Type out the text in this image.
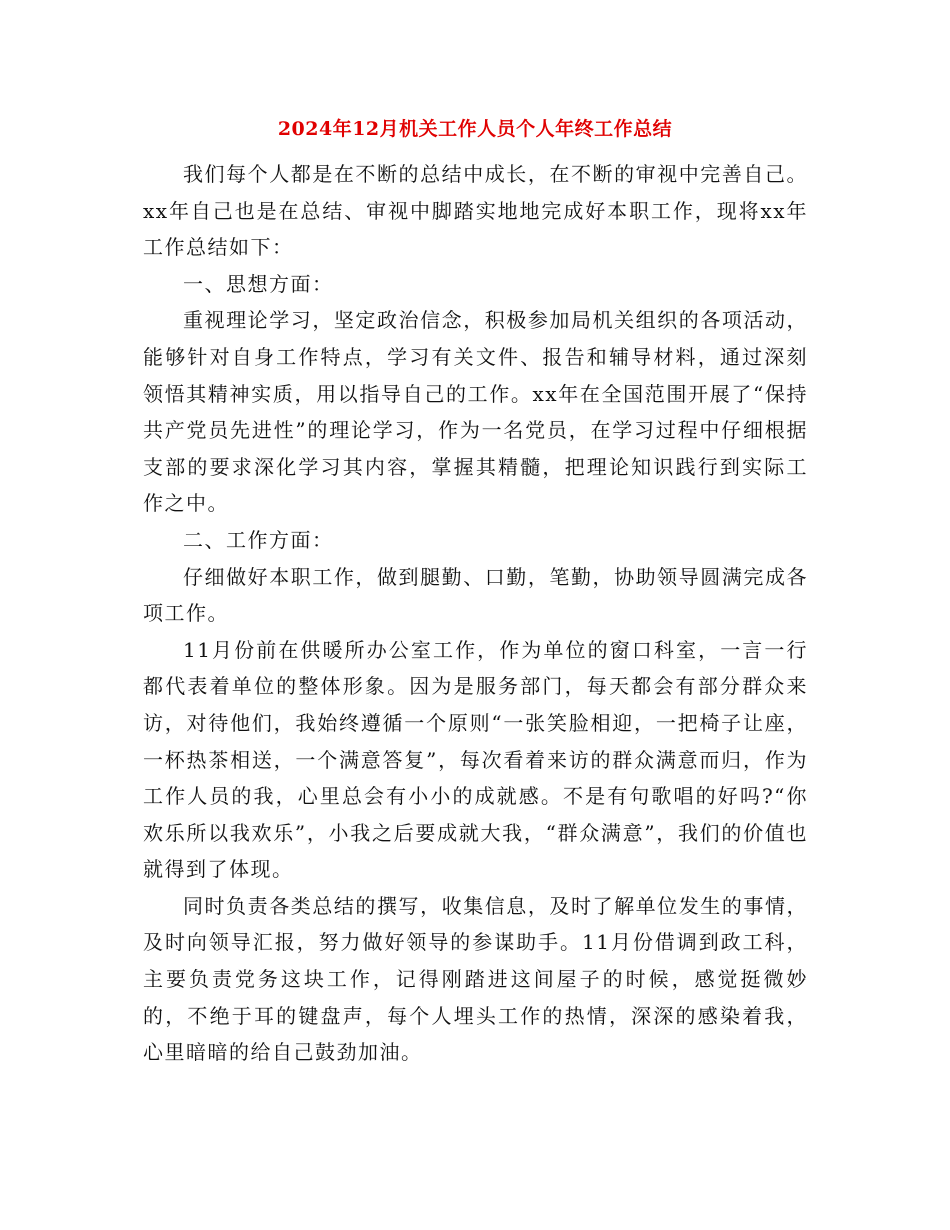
2024年12月机关工作人员个人年终工作总结

我们每个人都是在不断的总结中成长，在不断的审视中完善自己。xx年自己也是在总结、审视中脚踏实地地完成好本职工作，现将xx年工作总结如下：

一、思想方面：

重视理论学习，坚定政治信念，积极参加局机关组织的各项活动，能够针对自身工作特点，学习有关文件、报告和辅导材料，通过深刻领悟其精神实质，用以指导自己的工作。xx年在全国范围开展了“保持共产党员先进性”的理论学习，作为一名党员，在学习过程中仔细根据支部的要求深化学习其内容，掌握其精髓，把理论知识践行到实际工作之中。

二、工作方面：

仔细做好本职工作，做到腿勤、口勤，笔勤，协助领导圆满完成各项工作。

11月份前在供暖所办公室工作，作为单位的窗口科室，一言一行都代表着单位的整体形象。因为是服务部门，每天都会有部分群众来访，对待他们，我始终遵循一个原则“一张笑脸相迎，一把椅子让座，一杯热茶相送，一个满意答复”，每次看着来访的群众满意而归，作为工作人员的我，心里总会有小小的成就感。不是有句歌唱的好吗?“你欢乐所以我欢乐”，小我之后要成就大我，“群众满意”，我们的价值也就得到了体现。

同时负责各类总结的撰写，收集信息，及时了解单位发生的事情，及时向领导汇报，努力做好领导的参谋助手。11月份借调到政工科，主要负责党务这块工作，记得刚踏进这间屋子的时候，感觉挺微妙的，不绝于耳的键盘声，每个人埋头工作的热情，深深的感染着我，心里暗暗的给自己鼓劲加油。
